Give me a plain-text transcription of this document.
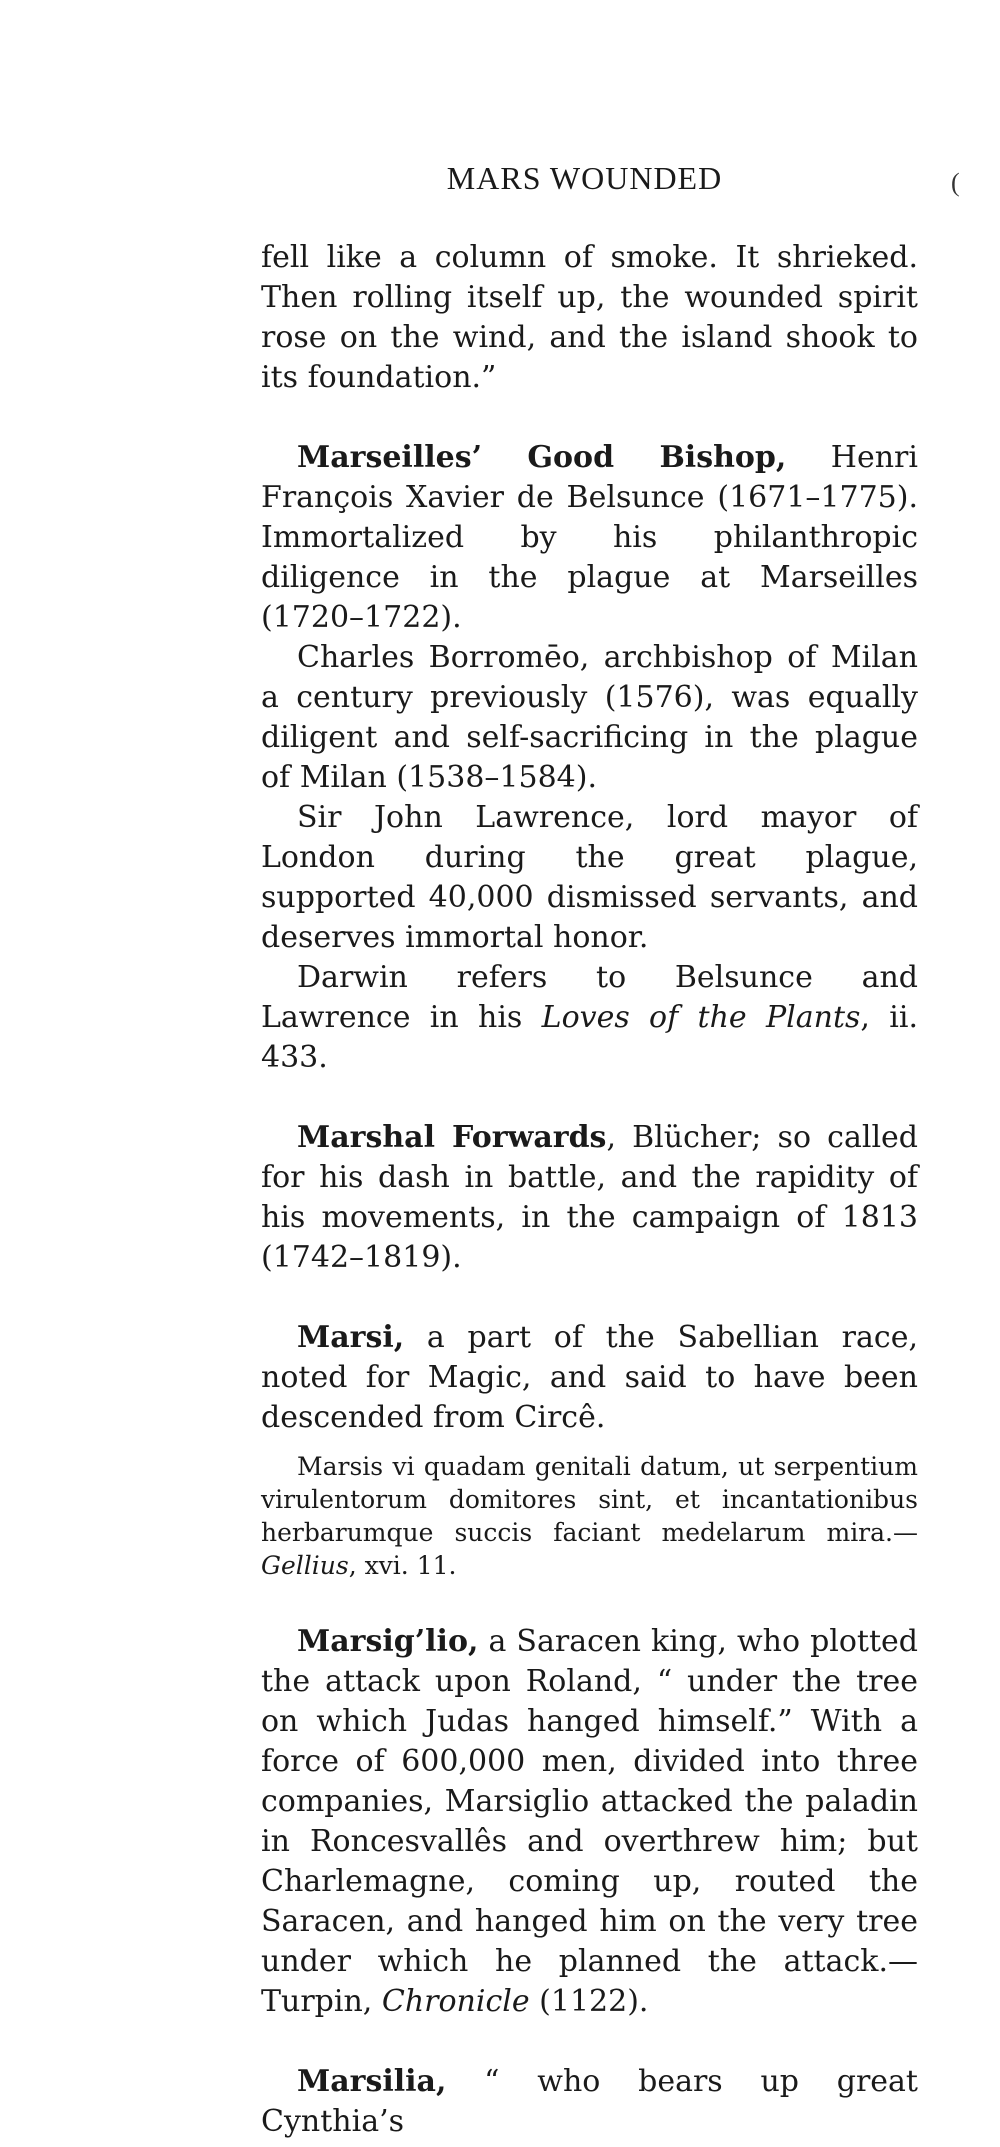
MARS WOUNDED	(

fell like a column of smoke. It shrieked. Then rolling itself up, the wounded spirit rose on the wind, and the island shook to its foundation.”

Marseilles’ Good Bishop, Henri François Xavier de Belsunce (1671–1775). Immortalized by his philanthropic diligence in the plague at Marseilles (1720–1722).

Charles Borromēo, archbishop of Milan a century previously (1576), was equally diligent and self-sacrificing in the plague of Milan (1538–1584).

Sir John Lawrence, lord mayor of London during the great plague, supported 40,000 dismissed servants, and deserves immortal honor.

Darwin refers to Belsunce and Lawrence in his Loves of the Plants, ii. 433.

Marshal Forwards, Blücher; so called for his dash in battle, and the rapidity of his movements, in the campaign of 1813 (1742–1819).

Marsi, a part of the Sabellian race, noted for Magic, and said to have been descended from Circê.

Marsis vi quadam genitali datum, ut serpentium virulentorum domitores sint, et incantationibus herbarumque succis faciant medelarum mira.—Gellius, xvi. 11.

Marsig’lio, a Saracen king, who plotted the attack upon Roland, “ under the tree on which Judas hanged himself.” With a force of 600,000 men, divided into three companies, Marsiglio attacked the paladin in Roncesvallês and overthrew him; but Charlemagne, coming up, routed the Saracen, and hanged him on the very tree under which he planned the attack.—Turpin, Chronicle (1122).

Marsilia, “ who bears up great Cynthia’s
